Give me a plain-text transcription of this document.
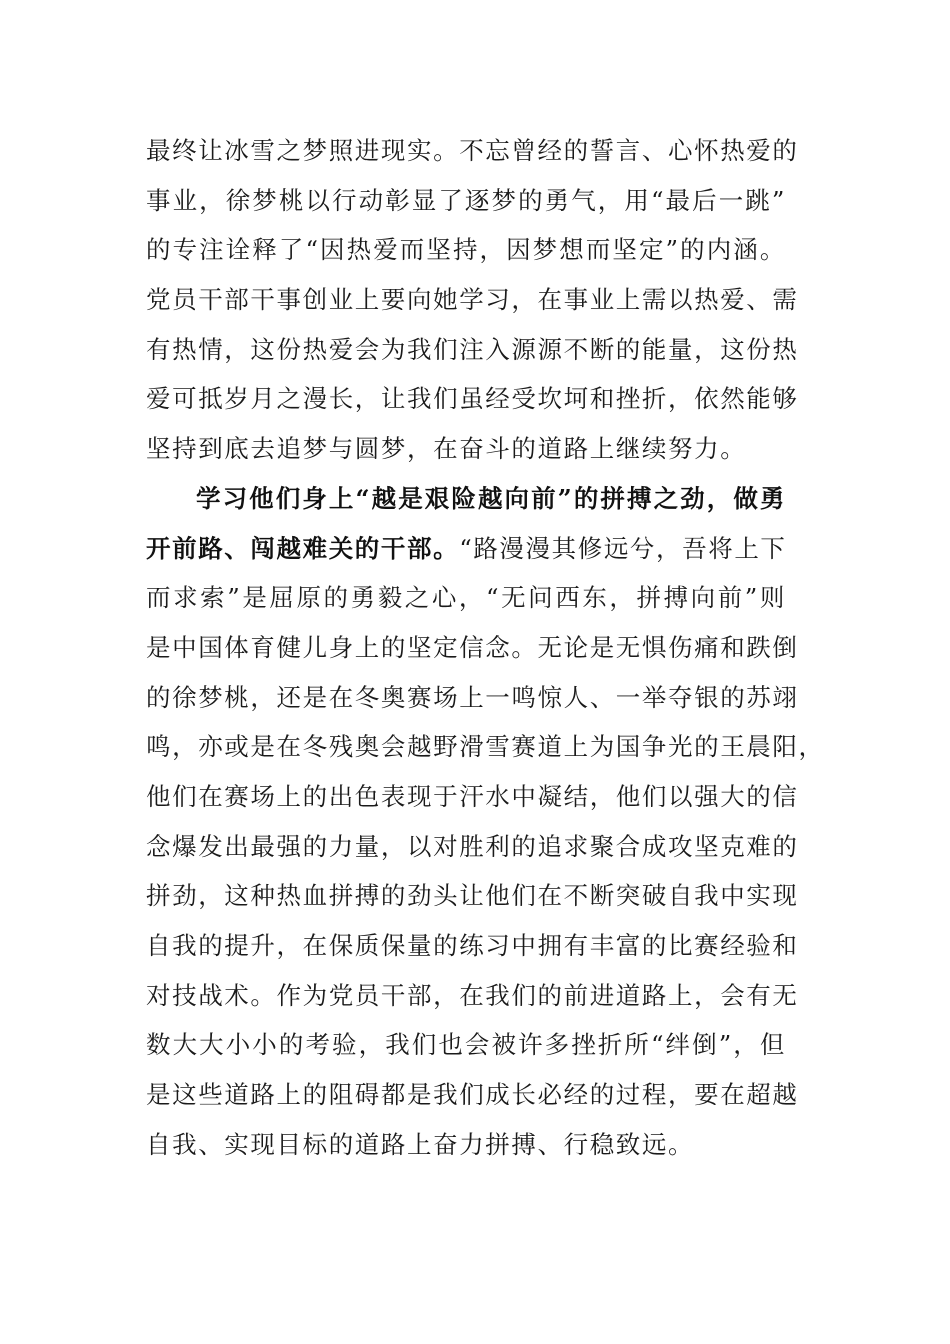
最终让冰雪之梦照进现实。不忘曾经的誓言、心怀热爱的
事业，徐梦桃以行动彰显了逐梦的勇气，用“最后一跳”
的专注诠释了“因热爱而坚持，因梦想而坚定”的内涵。
党员干部干事创业上要向她学习，在事业上需以热爱、需
有热情，这份热爱会为我们注入源源不断的能量，这份热
爱可抵岁月之漫长，让我们虽经受坎坷和挫折，依然能够
坚持到底去追梦与圆梦，在奋斗的道路上继续努力。
学习他们身上“越是艰险越向前”的拼搏之劲，做勇
开前路、闯越难关的干部。“路漫漫其修远兮，吾将上下
而求索”是屈原的勇毅之心，“无问西东，拼搏向前”则
是中国体育健儿身上的坚定信念。无论是无惧伤痛和跌倒
的徐梦桃，还是在冬奥赛场上一鸣惊人、一举夺银的苏翊
鸣，亦或是在冬残奥会越野滑雪赛道上为国争光的王晨阳，
他们在赛场上的出色表现于汗水中凝结，他们以强大的信
念爆发出最强的力量，以对胜利的追求聚合成攻坚克难的
拼劲，这种热血拼搏的劲头让他们在不断突破自我中实现
自我的提升，在保质保量的练习中拥有丰富的比赛经验和
对技战术。作为党员干部，在我们的前进道路上，会有无
数大大小小的考验，我们也会被许多挫折所“绊倒”，但
是这些道路上的阻碍都是我们成长必经的过程，要在超越
自我、实现目标的道路上奋力拼搏、行稳致远。
